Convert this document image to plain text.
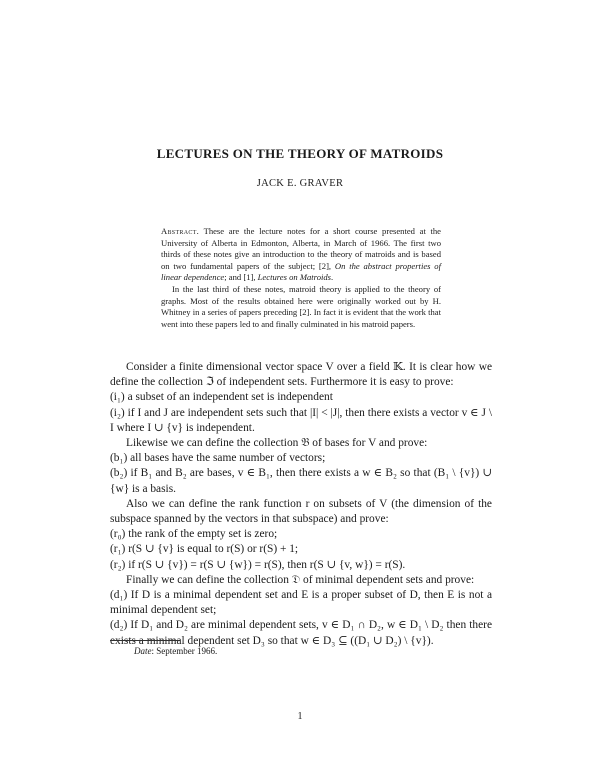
LECTURES ON THE THEORY OF MATROIDS
JACK E. GRAVER

Abstract. These are the lecture notes for a short course presented at the University of Alberta in Edmonton, Alberta, in March of 1966. The first two thirds of these notes give an introduction to the theory of matroids and is based on two fundamental papers of the subject; [2], On the abstract properties of linear dependence; and [1], Lectures on Matroids.

In the last third of these notes, matroid theory is applied to the theory of graphs. Most of the results obtained here were originally worked out by H. Whitney in a series of papers preceding [2]. In fact it is evident that the work that went into these papers led to and finally culminated in his matroid papers.

Consider a finite dimensional vector space V over a field 𝕂. It is clear how we define the collection ℑ of independent sets. Furthermore it is easy to prove:

(i₁) a subset of an independent set is independent

(i₂) if I and J are independent sets such that |I| < |J|, then there exists a vector v ∈ J \ I where I ∪ {v} is independent.

Likewise we can define the collection 𝔅 of bases for V and prove:

(b₁) all bases have the same number of vectors;

(b₂) if B₁ and B₂ are bases, v ∈ B₁, then there exists a w ∈ B₂ so that (B₁ \ {v}) ∪ {w} is a basis.

Also we can define the rank function r on subsets of V (the dimension of the subspace spanned by the vectors in that subspace) and prove:

(r₀) the rank of the empty set is zero;

(r₁) r(S ∪ {v} is equal to r(S) or r(S) + 1;

(r₂) if r(S ∪ {v}) = r(S ∪ {w}) = r(S), then r(S ∪ {v, w}) = r(S).

Finally we can define the collection 𝔇 of minimal dependent sets and prove:

(d₁) If D is a minimal dependent set and E is a proper subset of D, then E is not a minimal dependent set;

(d₂) If D₁ and D₂ are minimal dependent sets, v ∈ D₁ ∩ D₂, w ∈ D₁ \ D₂ then there exists a minimal dependent set D₃ so that w ∈ D₃ ⊆ ((D₁ ∪ D₂) \ {v}).

Date: September 1966.
1
